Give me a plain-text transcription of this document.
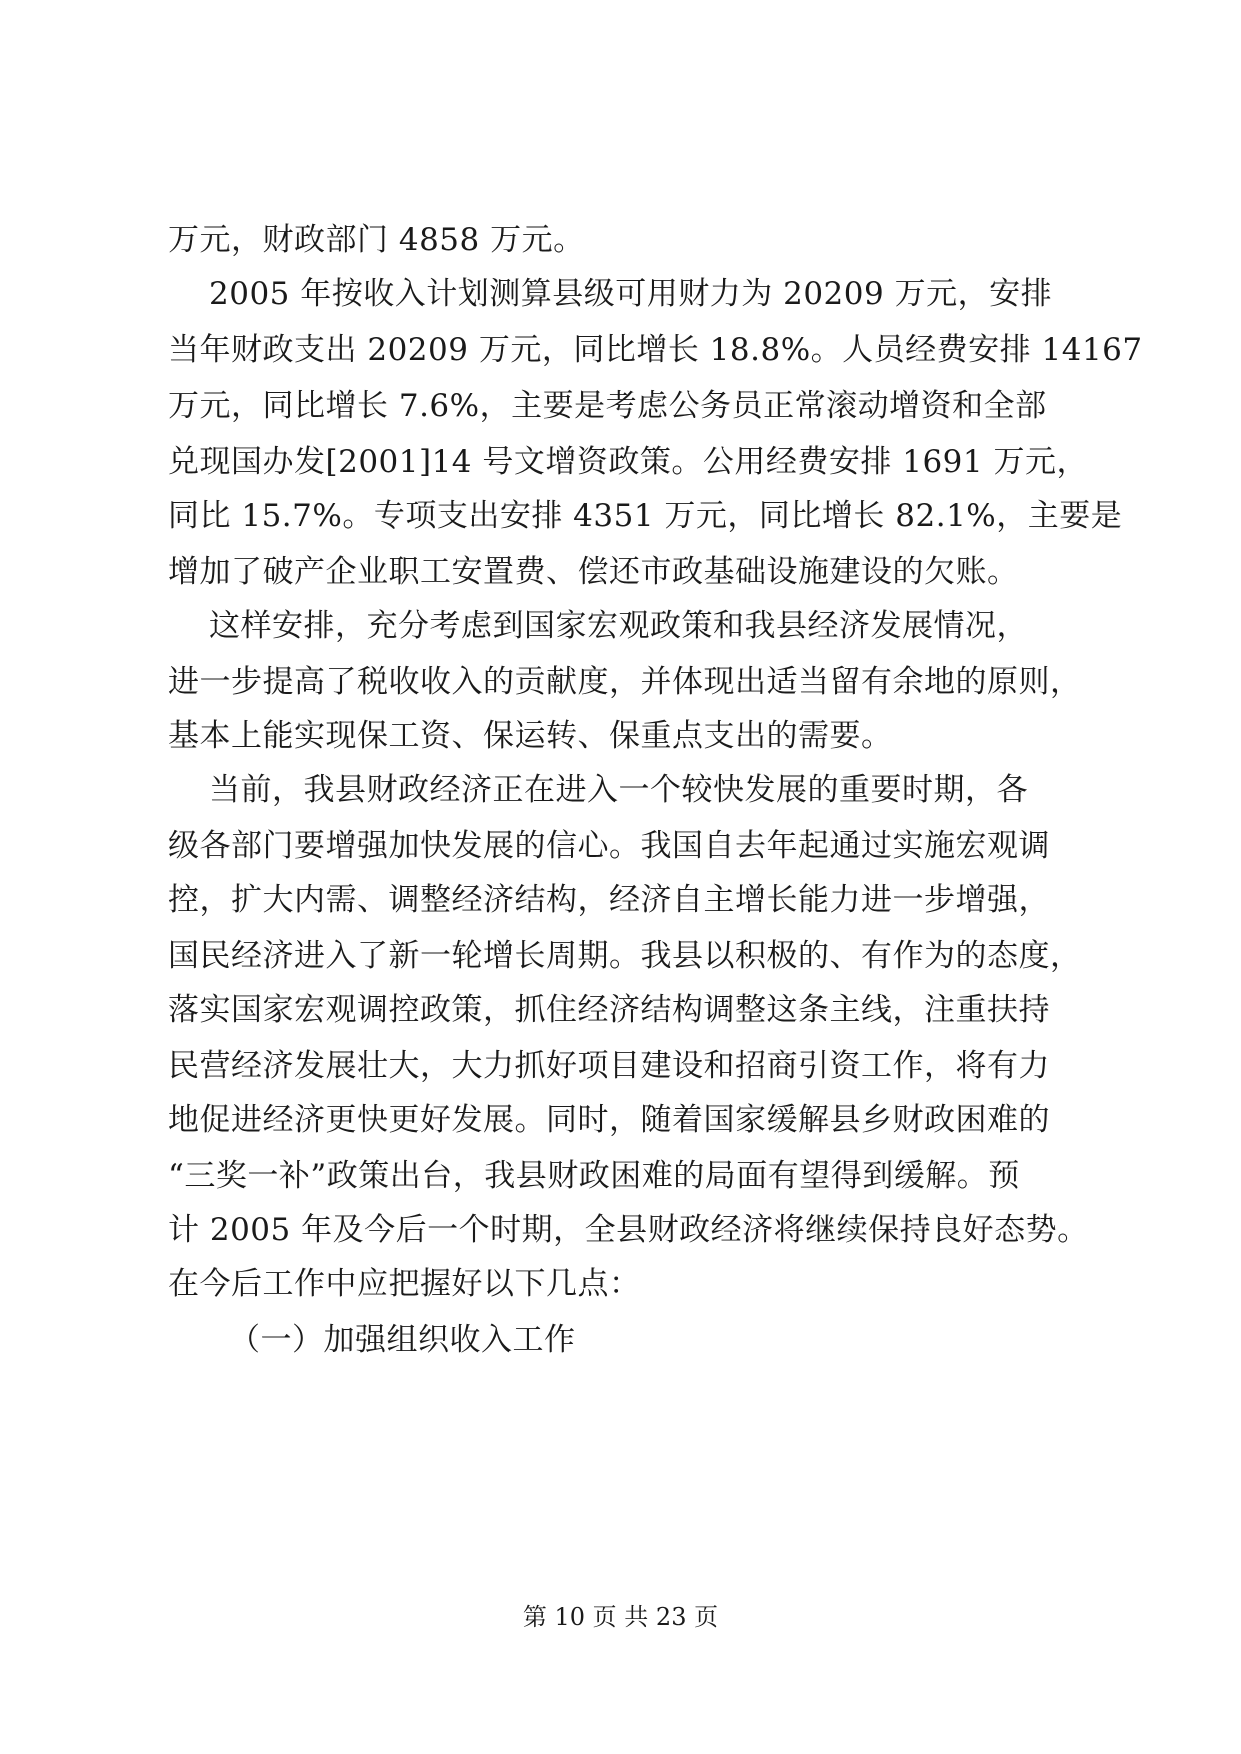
万元，财政部门 4858 万元。
2005 年按收入计划测算县级可用财力为 20209 万元，安排
当年财政支出 20209 万元，同比增长 18.8%。人员经费安排 14167
万元，同比增长 7.6%，主要是考虑公务员正常滚动增资和全部
兑现国办发[2001]14 号文增资政策。公用经费安排 1691 万元，
同比 15.7%。专项支出安排 4351 万元，同比增长 82.1%，主要是
增加了破产企业职工安置费、偿还市政基础设施建设的欠账。
这样安排，充分考虑到国家宏观政策和我县经济发展情况，
进一步提高了税收收入的贡献度，并体现出适当留有余地的原则，
基本上能实现保工资、保运转、保重点支出的需要。
当前，我县财政经济正在进入一个较快发展的重要时期，各
级各部门要增强加快发展的信心。我国自去年起通过实施宏观调
控，扩大内需、调整经济结构，经济自主增长能力进一步增强，
国民经济进入了新一轮增长周期。我县以积极的、有作为的态度，
落实国家宏观调控政策，抓住经济结构调整这条主线，注重扶持
民营经济发展壮大，大力抓好项目建设和招商引资工作，将有力
地促进经济更快更好发展。同时，随着国家缓解县乡财政困难的
“三奖一补”政策出台，我县财政困难的局面有望得到缓解。预
计 2005 年及今后一个时期，全县财政经济将继续保持良好态势。
在今后工作中应把握好以下几点：
（一）加强组织收入工作
第 10 页 共 23 页
